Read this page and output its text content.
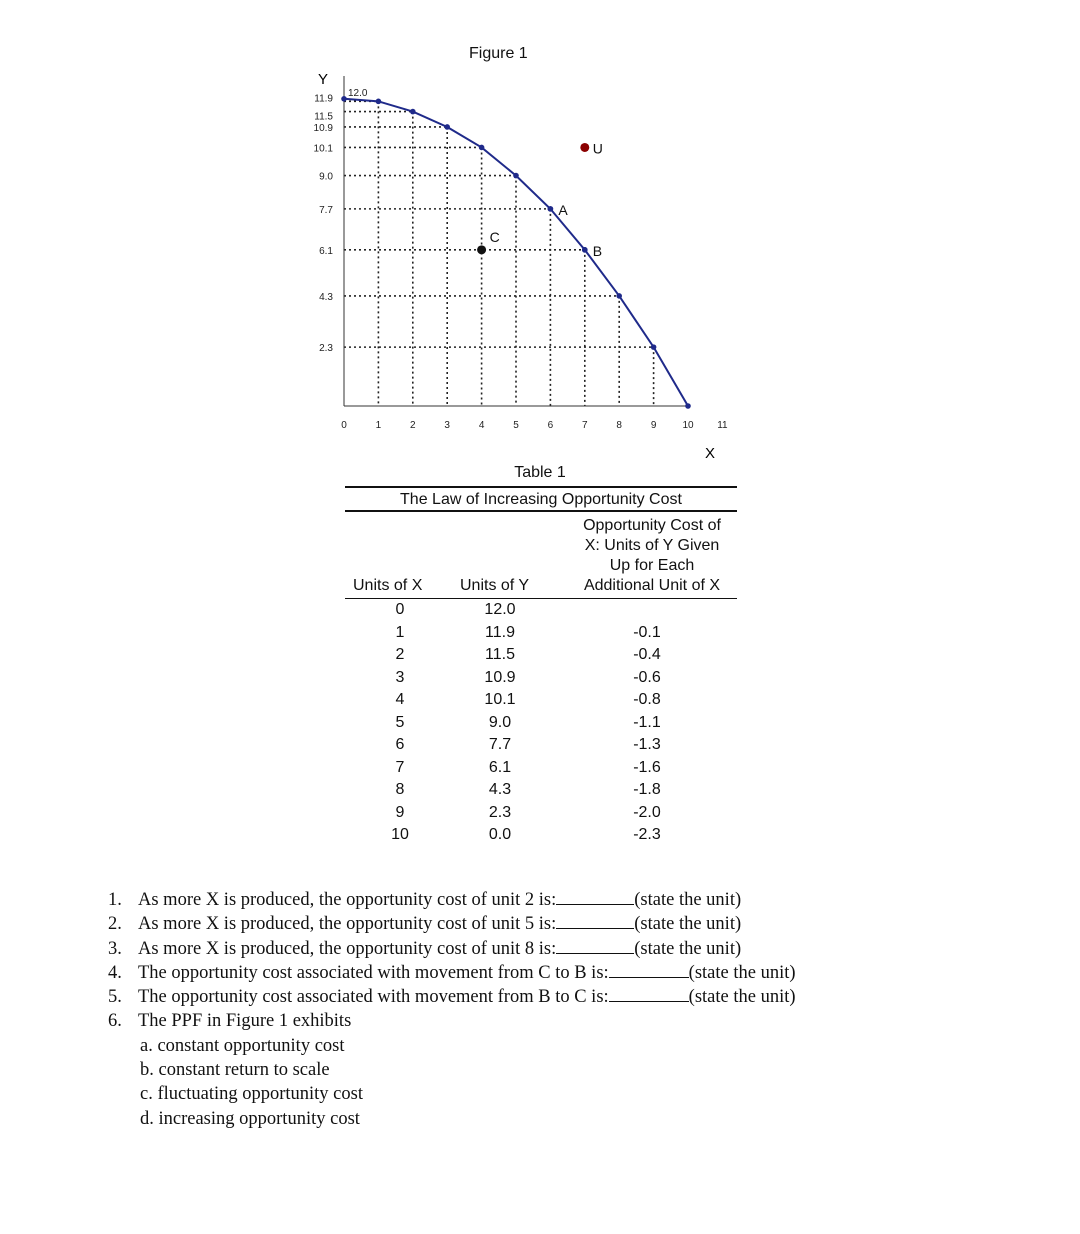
Figure 1
U
C
A
B
0	1	2	3	4	5	6	7	8	9	10 11
12.0
11.9
11.5
10.9
10.1
9.0
7.7
6.1
4.3
2.3
Y
X
Table 1
The Law of Increasing Opportunity Cost
Units of X Units of Y
Opportunity Cost of
X: Units of Y Given
Up for Each
Additional Unit of X
0	12.0
1	11.9	-0.1
2	11.5	-0.4
3	10.9	-0.6
4	10.1	-0.8
5	9.0	-1.1
6	7.7	-1.3
7	6.1	-1.6
8	4.3	-1.8
9	2.3	-2.0
10	0.0	-2.3
1. As more X is produced, the opportunity cost of unit 2 is:	(state the unit)
2. As more X is produced, the opportunity cost of unit 5 is:	(state the unit)
3. As more X is produced, the opportunity cost of unit 8 is:	(state the unit)
4. The opportunity cost associated with movement from C to B is:	(state the unit)
5. The opportunity cost associated with movement from B to C is:	(state the unit)
6. The PPF in Figure 1 exhibits
a. constant opportunity cost
b. constant return to scale
c. fluctuating opportunity cost
d. increasing opportunity cost
